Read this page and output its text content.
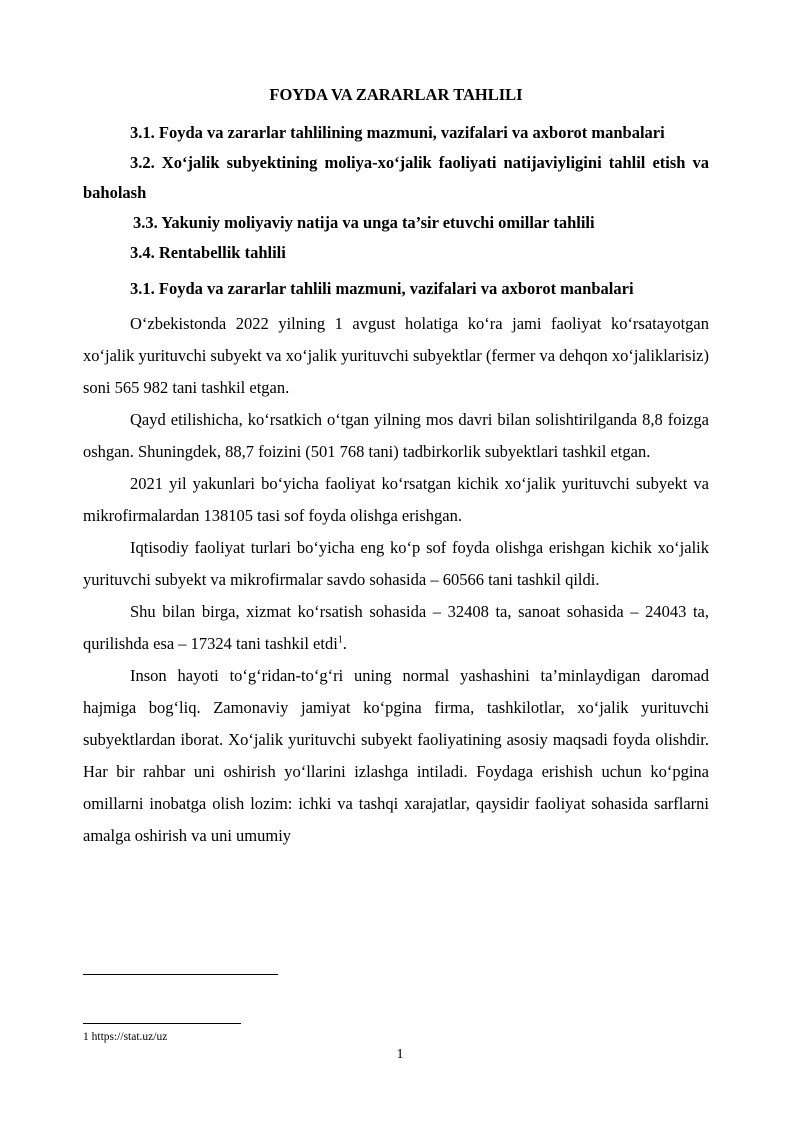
FOYDA VA ZARARLAR TAHLILI

3.1. Foyda va zararlar tahlilining mazmuni, vazifalari va axborot manbalari

3.2. Xo‘jalik subyektining moliya-xo‘jalik faoliyati natijaviyligini tahlil etish va baholash

3.3. Yakuniy moliyaviy natija va unga ta’sir etuvchi omillar tahlili

3.4. Rentabellik tahlili

3.1. Foyda va zararlar tahlili mazmuni, vazifalari va axborot manbalari

O‘zbekistonda 2022 yilning 1 avgust holatiga ko‘ra jami faoliyat ko‘rsatayotgan xo‘jalik yurituvchi subyekt va xo‘jalik yurituvchi subyektlar (fermer va dehqon xo‘jaliklarisiz) soni 565 982 tani tashkil etgan.

Qayd etilishicha, ko‘rsatkich o‘tgan yilning mos davri bilan solishtirilganda 8,8 foizga oshgan. Shuningdek, 88,7 foizini (501 768 tani) tadbirkorlik subyektlari tashkil etgan.

2021 yil yakunlari bo‘yicha faoliyat ko‘rsatgan kichik xo‘jalik yurituvchi subyekt va mikrofirmalardan 138105 tasi sof foyda olishga erishgan.

Iqtisodiy faoliyat turlari bo‘yicha eng ko‘p sof foyda olishga erishgan kichik xo‘jalik yurituvchi subyekt va mikrofirmalar savdo sohasida – 60566 tani tashkil qildi.

Shu bilan birga, xizmat ko‘rsatish sohasida – 32408 ta, sanoat sohasida – 24043 ta, qurilishda esa – 17324 tani tashkil etdi$^1$.

Inson hayoti to‘g‘ridan-to‘g‘ri uning normal yashashini ta’minlaydigan daromad hajmiga bog‘liq. Zamonaviy jamiyat ko‘pgina firma, tashkilotlar, xo‘jalik yurituvchi subyektlardan iborat. Xo‘jalik yurituvchi subyekt faoliyatining asosiy maqsadi foyda olishdir. Har bir rahbar uni oshirish yo‘llarini izlashga intiladi. Foydaga erishish uchun ko‘pgina omillarni inobatga olish lozim: ichki va tashqi xarajatlar, qaysidir faoliyat sohasida sarflarni amalga oshirish va uni umumiy

1 https://stat.uz/uz
1
